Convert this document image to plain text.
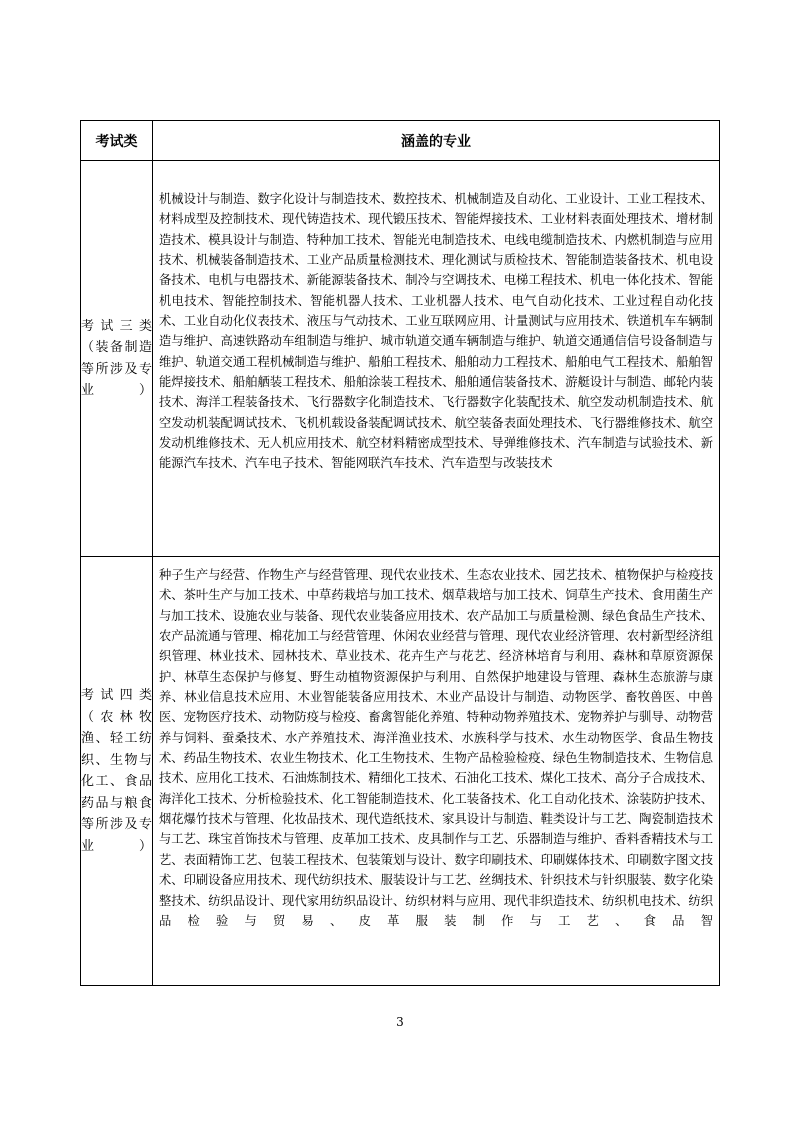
考试类	涵盖的专业
考试三类（装备制造等所涉及专业）	机械设计与制造、数字化设计与制造技术、数控技术、机械制造及自动化、工业设计、工业工程技术、材料成型及控制技术、现代铸造技术、现代锻压技术、智能焊接技术、工业材料表面处理技术、增材制造技术、模具设计与制造、特种加工技术、智能光电制造技术、电线电缆制造技术、内燃机制造与应用技术、机械装备制造技术、工业产品质量检测技术、理化测试与质检技术、智能制造装备技术、机电设备技术、电机与电器技术、新能源装备技术、制冷与空调技术、电梯工程技术、机电一体化技术、智能机电技术、智能控制技术、智能机器人技术、工业机器人技术、电气自动化技术、工业过程自动化技术、工业自动化仪表技术、液压与气动技术、工业互联网应用、计量测试与应用技术、铁道机车车辆制造与维护、高速铁路动车组制造与维护、城市轨道交通车辆制造与维护、轨道交通通信信号设备制造与维护、轨道交通工程机械制造与维护、船舶工程技术、船舶动力工程技术、船舶电气工程技术、船舶智能焊接技术、船舶舾装工程技术、船舶涂装工程技术、船舶通信装备技术、游艇设计与制造、邮轮内装技术、海洋工程装备技术、飞行器数字化制造技术、飞行器数字化装配技术、航空发动机制造技术、航空发动机装配调试技术、飞机机载设备装配调试技术、航空装备表面处理技术、飞行器维修技术、航空发动机维修技术、无人机应用技术、航空材料精密成型技术、导弹维修技术、汽车制造与试验技术、新能源汽车技术、汽车电子技术、智能网联汽车技术、汽车造型与改装技术

考试四类（农林牧渔、轻工纺织、生物与化工、食品药品与粮食等所涉及专业）	种子生产与经营、作物生产与经营管理、现代农业技术、生态农业技术、园艺技术、植物保护与检疫技术、茶叶生产与加工技术、中草药栽培与加工技术、烟草栽培与加工技术、饲草生产技术、食用菌生产与加工技术、设施农业与装备、现代农业装备应用技术、农产品加工与质量检测、绿色食品生产技术、农产品流通与管理、棉花加工与经营管理、休闲农业经营与管理、现代农业经济管理、农村新型经济组织管理、林业技术、园林技术、草业技术、花卉生产与花艺、经济林培育与利用、森林和草原资源保护、林草生态保护与修复、野生动植物资源保护与利用、自然保护地建设与管理、森林生态旅游与康养、林业信息技术应用、木业智能装备应用技术、木业产品设计与制造、动物医学、畜牧兽医、中兽医、宠物医疗技术、动物防疫与检疫、畜禽智能化养殖、特种动物养殖技术、宠物养护与驯导、动物营养与饲料、蚕桑技术、水产养殖技术、海洋渔业技术、水族科学与技术、水生动物医学、食品生物技术、药品生物技术、农业生物技术、化工生物技术、生物产品检验检疫、绿色生物制造技术、生物信息技术、应用化工技术、石油炼制技术、精细化工技术、石油化工技术、煤化工技术、高分子合成技术、海洋化工技术、分析检验技术、化工智能制造技术、化工装备技术、化工自动化技术、涂装防护技术、烟花爆竹技术与管理、化妆品技术、现代造纸技术、家具设计与制造、鞋类设计与工艺、陶瓷制造技术与工艺、珠宝首饰技术与管理、皮革加工技术、皮具制作与工艺、乐器制造与维护、香料香精技术与工艺、表面精饰工艺、包装工程技术、包装策划与设计、数字印刷技术、印刷媒体技术、印刷数字图文技术、印刷设备应用技术、现代纺织技术、服装设计与工艺、丝绸技术、针织技术与针织服装、数字化染整技术、纺织品设计、现代家用纺织品设计、纺织材料与应用、现代非织造技术、纺织机电技术、纺织品检验与贸易、皮革服装制作与工艺、食品智
3
